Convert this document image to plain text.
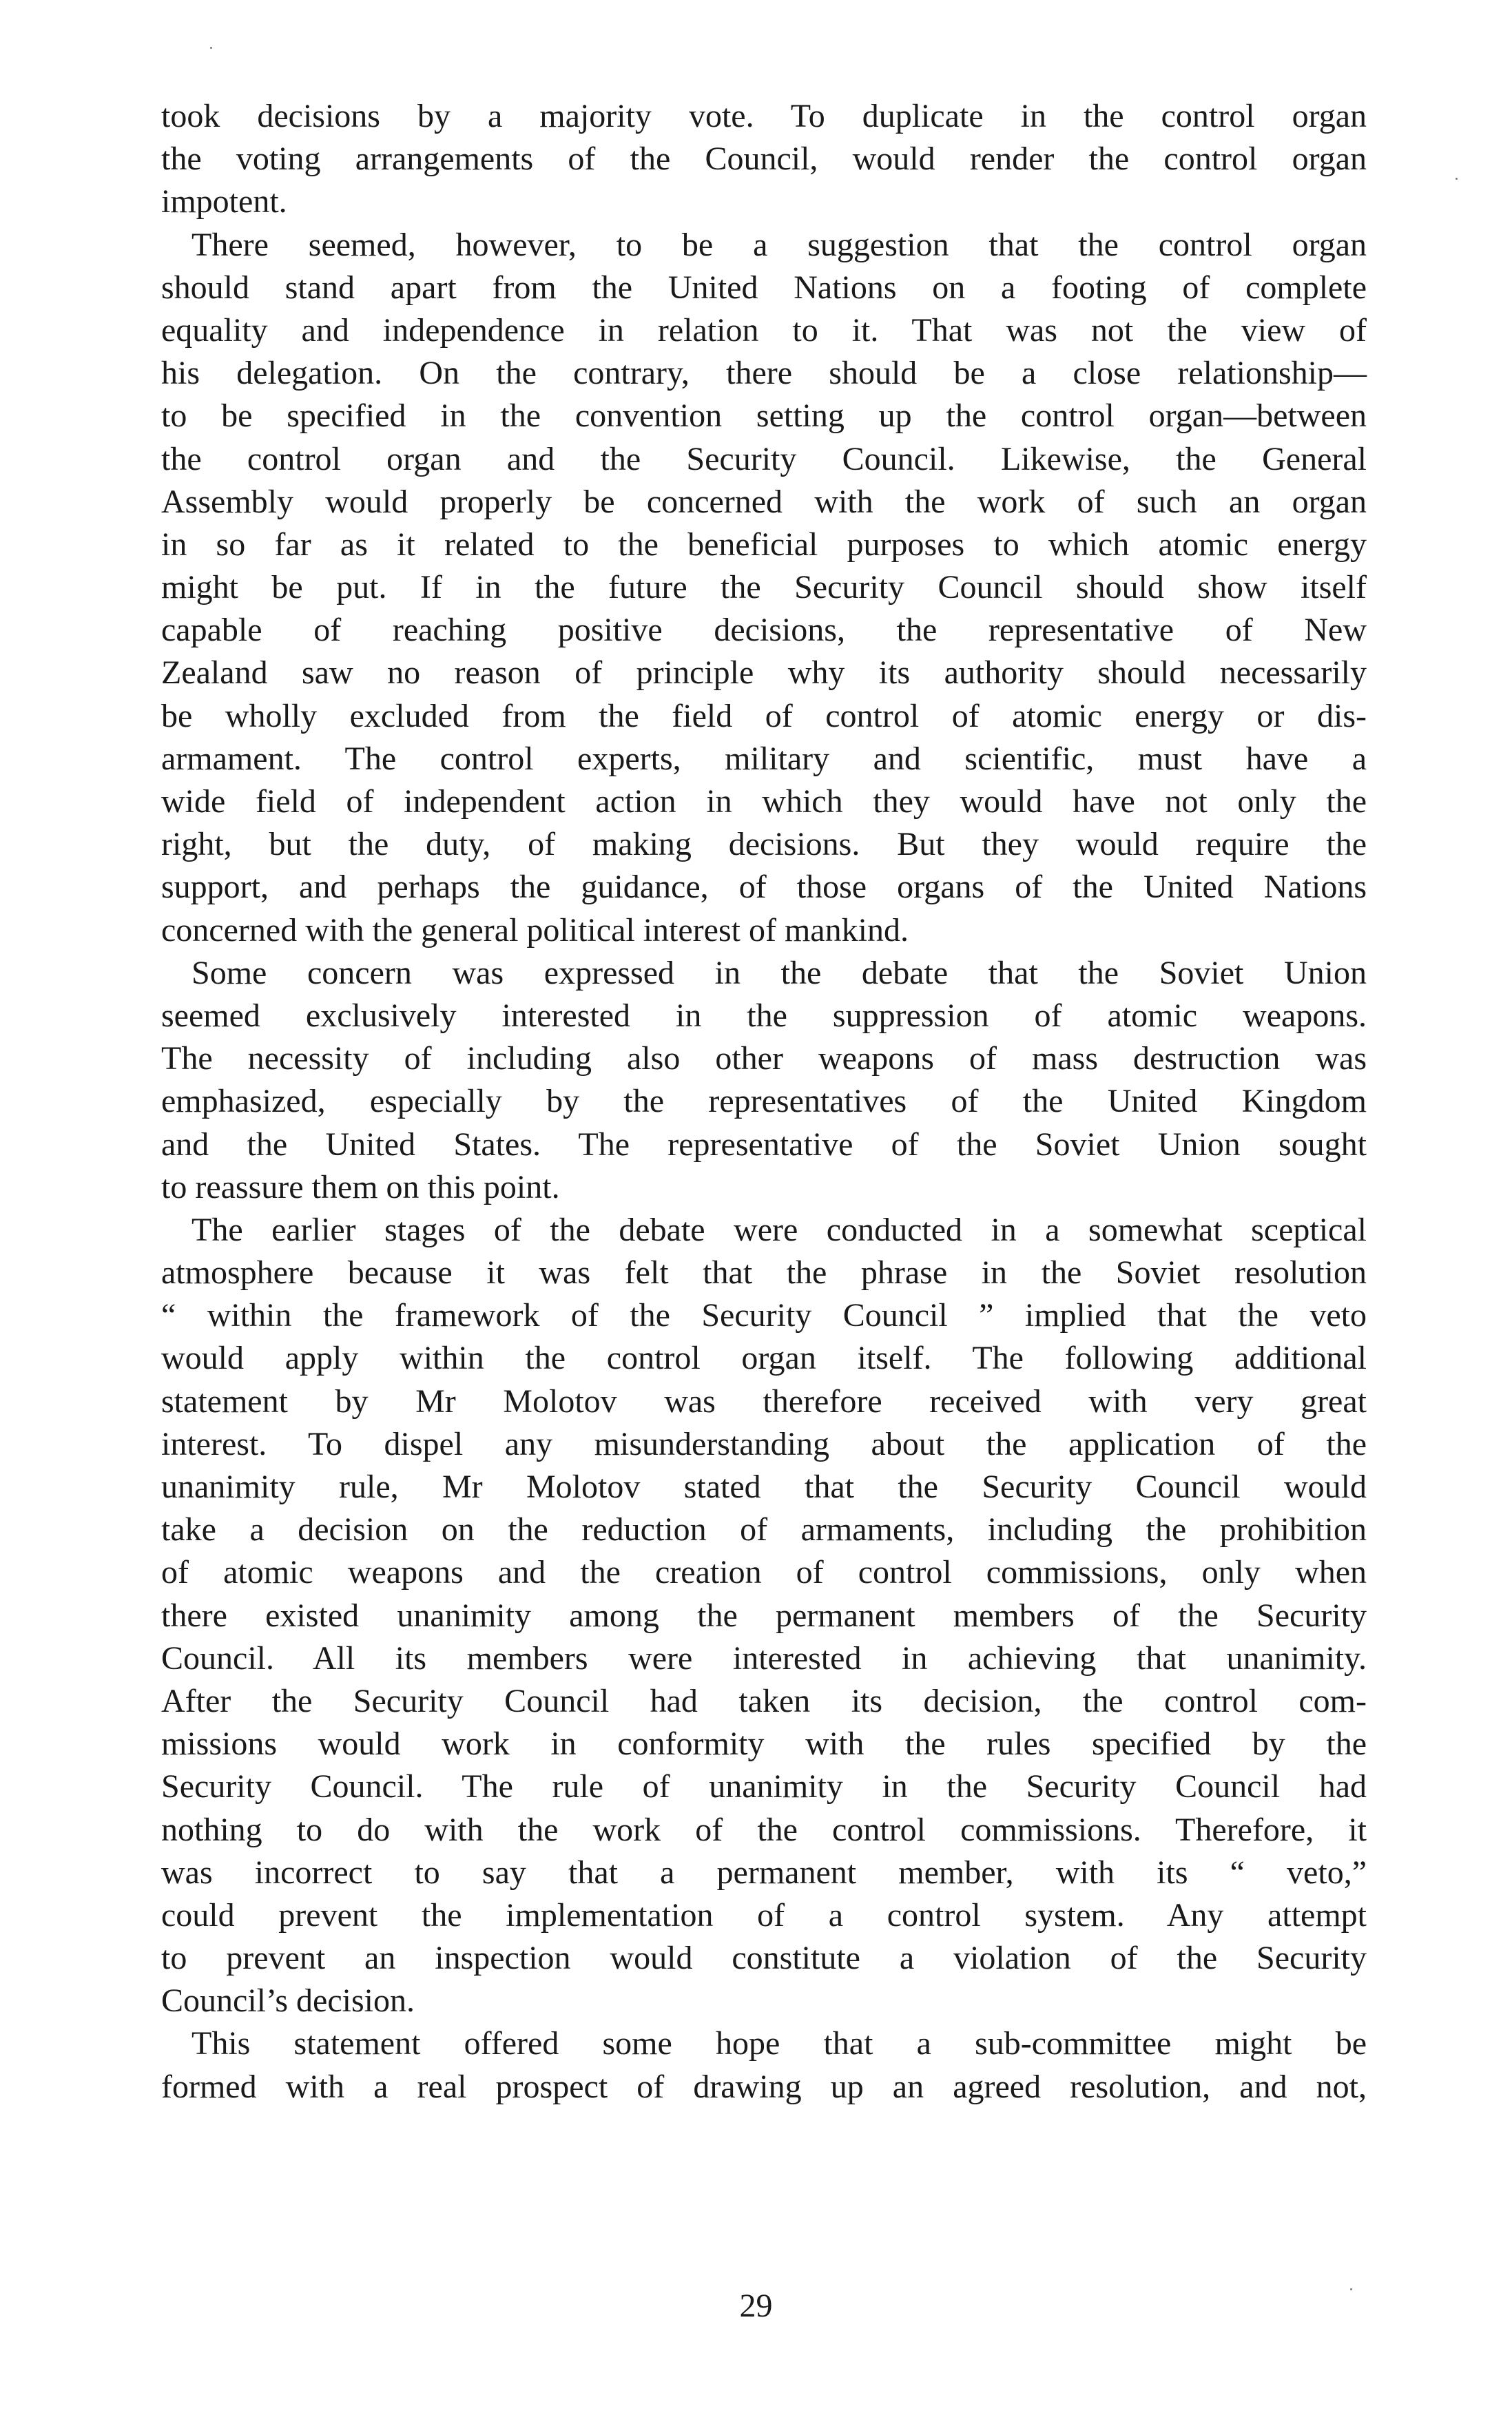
took decisions by a majority vote. To duplicate in the control organ
the voting arrangements of the Council, would render the control organ
impotent.
There seemed, however, to be a suggestion that the control organ
should stand apart from the United Nations on a footing of complete
equality and independence in relation to it. That was not the view of
his delegation. On the contrary, there should be a close relationship—
to be specified in the convention setting up the control organ—between
the control organ and the Security Council. Likewise, the General
Assembly would properly be concerned with the work of such an organ
in so far as it related to the beneficial purposes to which atomic energy
might be put. If in the future the Security Council should show itself
capable of reaching positive decisions, the representative of New
Zealand saw no reason of principle why its authority should necessarily
be wholly excluded from the field of control of atomic energy or dis-
armament. The control experts, military and scientific, must have a
wide field of independent action in which they would have not only the
right, but the duty, of making decisions. But they would require the
support, and perhaps the guidance, of those organs of the United Nations
concerned with the general political interest of mankind.
Some concern was expressed in the debate that the Soviet Union
seemed exclusively interested in the suppression of atomic weapons.
The necessity of including also other weapons of mass destruction was
emphasized, especially by the representatives of the United Kingdom
and the United States. The representative of the Soviet Union sought
to reassure them on this point.
The earlier stages of the debate were conducted in a somewhat sceptical
atmosphere because it was felt that the phrase in the Soviet resolution
“ within the framework of the Security Council ” implied that the veto
would apply within the control organ itself. The following additional
statement by Mr Molotov was therefore received with very great
interest. To dispel any misunderstanding about the application of the
unanimity rule, Mr Molotov stated that the Security Council would
take a decision on the reduction of armaments, including the prohibition
of atomic weapons and the creation of control commissions, only when
there existed unanimity among the permanent members of the Security
Council. All its members were interested in achieving that unanimity.
After the Security Council had taken its decision, the control com-
missions would work in conformity with the rules specified by the
Security Council. The rule of unanimity in the Security Council had
nothing to do with the work of the control commissions. Therefore, it
was incorrect to say that a permanent member, with its “ veto,”
could prevent the implementation of a control system. Any attempt
to prevent an inspection would constitute a violation of the Security
Council’s decision.
This statement offered some hope that a sub-committee might be
formed with a real prospect of drawing up an agreed resolution, and not,
29
